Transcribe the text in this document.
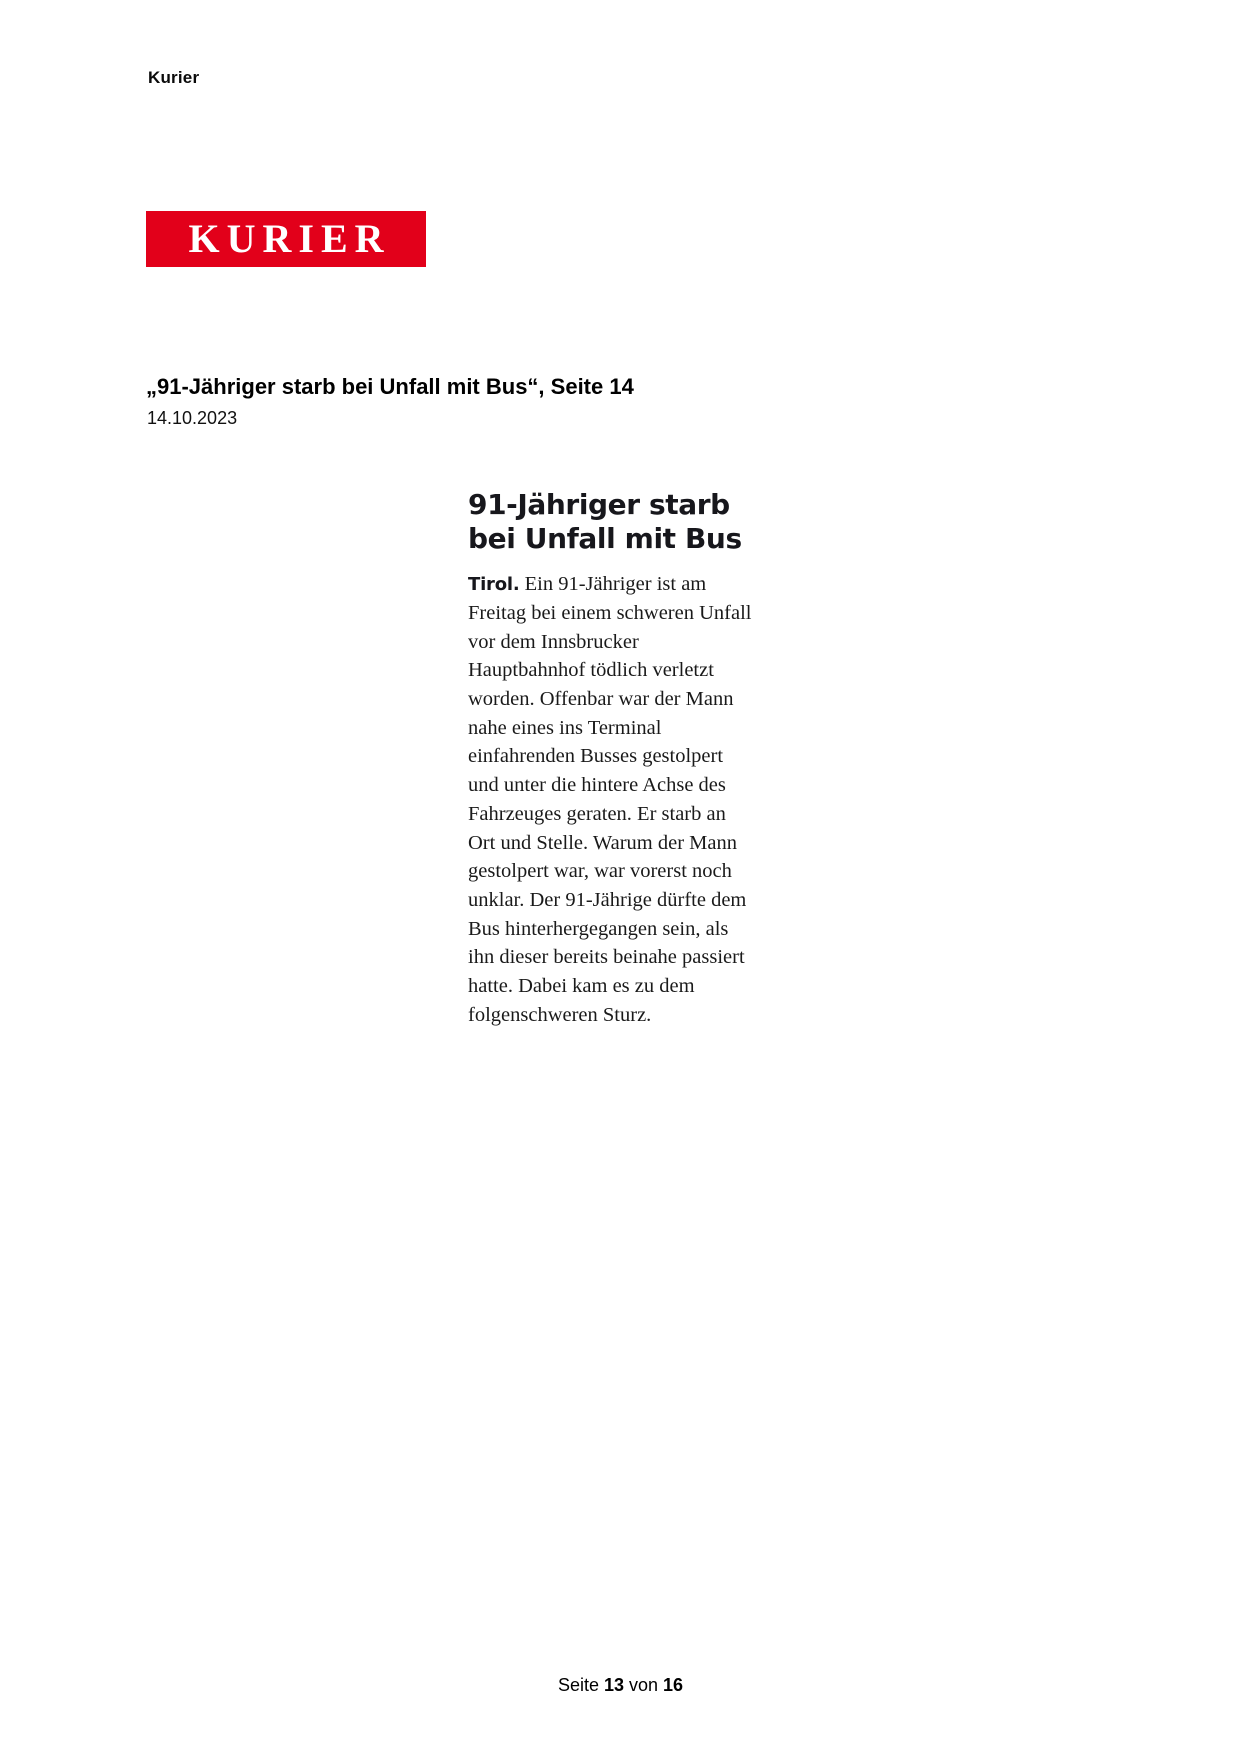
Kurier
KURIER
„91-Jähriger starb bei Unfall mit Bus“, Seite 14
14.10.2023
91-Jähriger starb
bei Unfall mit Bus

Tirol. Ein 91-Jähriger ist am Freitag bei einem schweren Unfall vor dem Innsbrucker Hauptbahnhof tödlich verletzt worden. Offenbar war der Mann nahe eines ins Terminal einfahrenden Busses gestolpert und unter die hintere Achse des Fahrzeuges geraten. Er starb an Ort und Stelle. Warum der Mann gestolpert war, war vorerst noch unklar. Der 91-Jährige dürfte dem Bus hinterhergegangen sein, als ihn dieser bereits beinahe passiert hatte. Dabei kam es zu dem folgenschweren Sturz.

Seite 13 von 16
